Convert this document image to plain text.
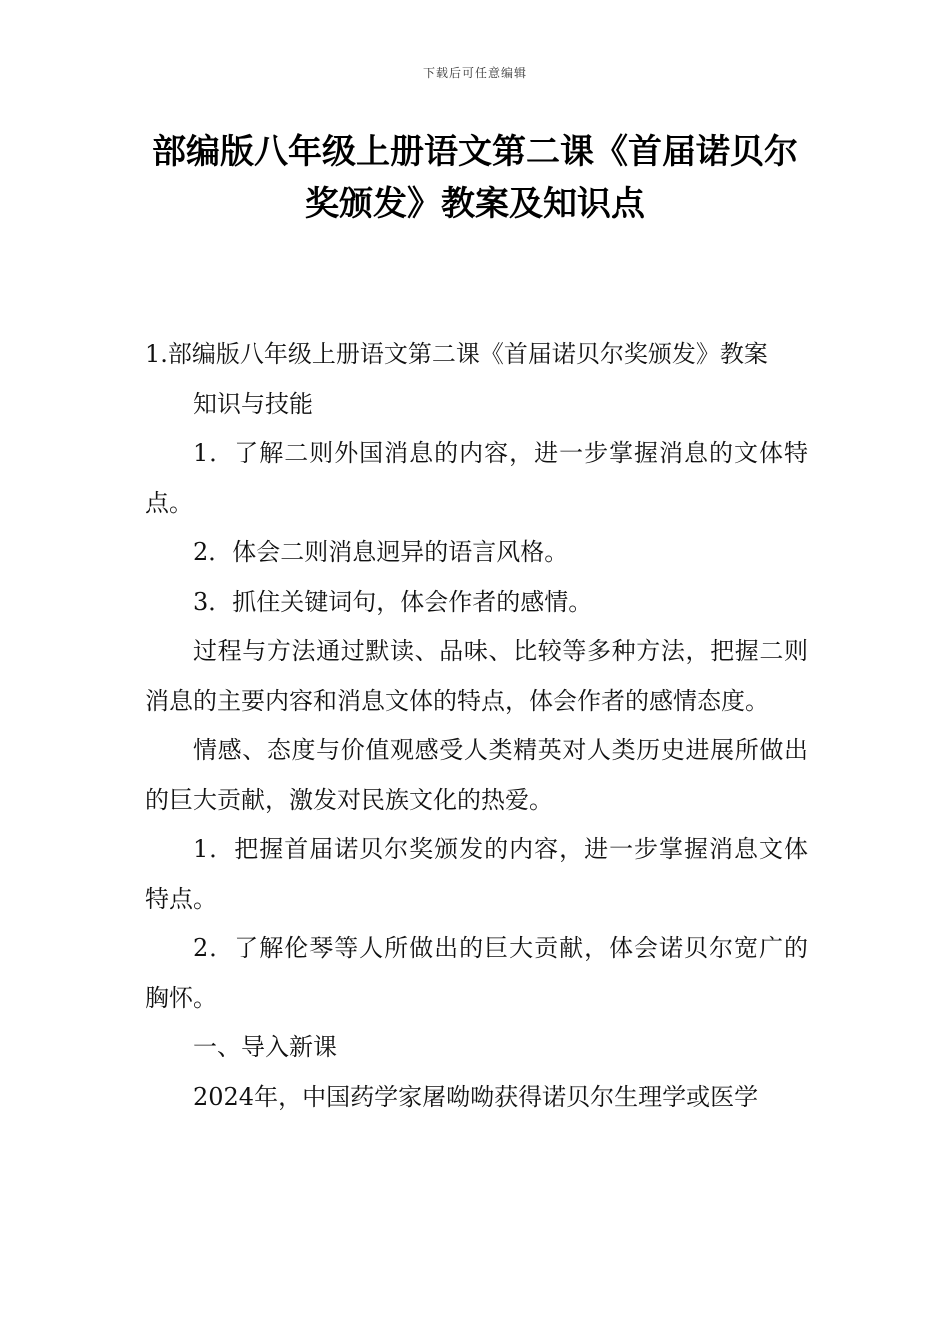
下载后可任意编辑
部编版八年级上册语文第二课《首届诺贝尔奖颁发》教案及知识点

1.部编版八年级上册语文第二课《首届诺贝尔奖颁发》教案

知识与技能

1．了解二则外国消息的内容，进一步掌握消息的文体特点。

2．体会二则消息迥异的语言风格。

3．抓住关键词句，体会作者的感情。

过程与方法通过默读、品味、比较等多种方法，把握二则消息的主要内容和消息文体的特点，体会作者的感情态度。

情感、态度与价值观感受人类精英对人类历史进展所做出的巨大贡献，激发对民族文化的热爱。

1．把握首届诺贝尔奖颁发的内容，进一步掌握消息文体特点。

2．了解伦琴等人所做出的巨大贡献，体会诺贝尔宽广的胸怀。

一、导入新课

2024年，中国药学家屠呦呦获得诺贝尔生理学或医学
